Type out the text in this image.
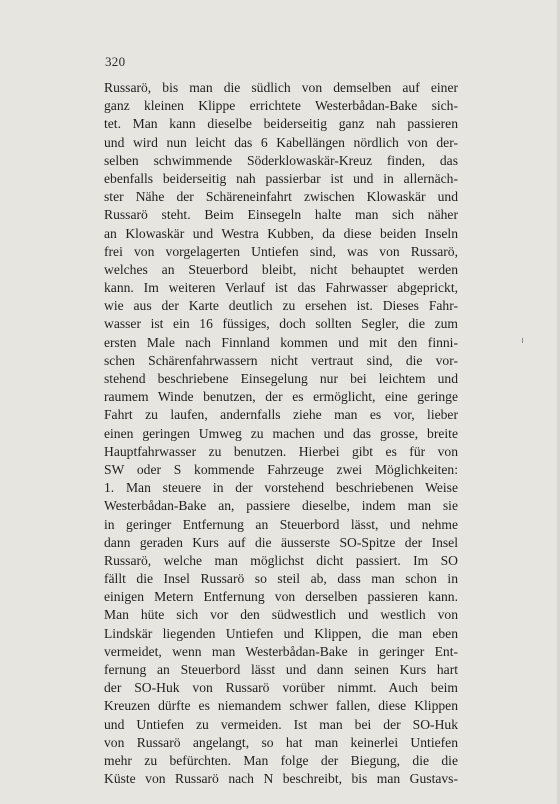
320
Russarö, bis man die südlich von demselben auf einer
ganz kleinen Klippe errichtete Westerbådan-Bake sich-
tet. Man kann dieselbe beiderseitig ganz nah passieren
und wird nun leicht das 6 Kabellängen nördlich von der-
selben schwimmende Söderklowaskär-Kreuz finden, das
ebenfalls beiderseitig nah passierbar ist und in allernäch-
ster Nähe der Schäreneinfahrt zwischen Klowaskär und
Russarö steht. Beim Einsegeln halte man sich näher
an Klowaskär und Westra Kubben, da diese beiden Inseln
frei von vorgelagerten Untiefen sind, was von Russarö,
welches an Steuerbord bleibt, nicht behauptet werden
kann. Im weiteren Verlauf ist das Fahrwasser abgeprickt,
wie aus der Karte deutlich zu ersehen ist. Dieses Fahr-
wasser ist ein 16 füssiges, doch sollten Segler, die zum
ersten Male nach Finnland kommen und mit den finni-
schen Schärenfahrwassern nicht vertraut sind, die vor-
stehend beschriebene Einsegelung nur bei leichtem und
raumem Winde benutzen, der es ermöglicht, eine geringe
Fahrt zu laufen, andernfalls ziehe man es vor, lieber
einen geringen Umweg zu machen und das grosse, breite
Hauptfahrwasser zu benutzen. Hierbei gibt es für von
SW oder S kommende Fahrzeuge zwei Möglichkeiten:
1. Man steuere in der vorstehend beschriebenen Weise
Westerbådan-Bake an, passiere dieselbe, indem man sie
in geringer Entfernung an Steuerbord lässt, und nehme
dann geraden Kurs auf die äusserste SO-Spitze der Insel
Russarö, welche man möglichst dicht passiert. Im SO
fällt die Insel Russarö so steil ab, dass man schon in
einigen Metern Entfernung von derselben passieren kann.
Man hüte sich vor den südwestlich und westlich von
Lindskär liegenden Untiefen und Klippen, die man eben
vermeidet, wenn man Westerbådan-Bake in geringer Ent-
fernung an Steuerbord lässt und dann seinen Kurs hart
der SO-Huk von Russarö vorüber nimmt. Auch beim
Kreuzen dürfte es niemandem schwer fallen, diese Klippen
und Untiefen zu vermeiden. Ist man bei der SO-Huk
von Russarö angelangt, so hat man keinerlei Untiefen
mehr zu befürchten. Man folge der Biegung, die die
Küste von Russarö nach N beschreibt, bis man Gustavs-
